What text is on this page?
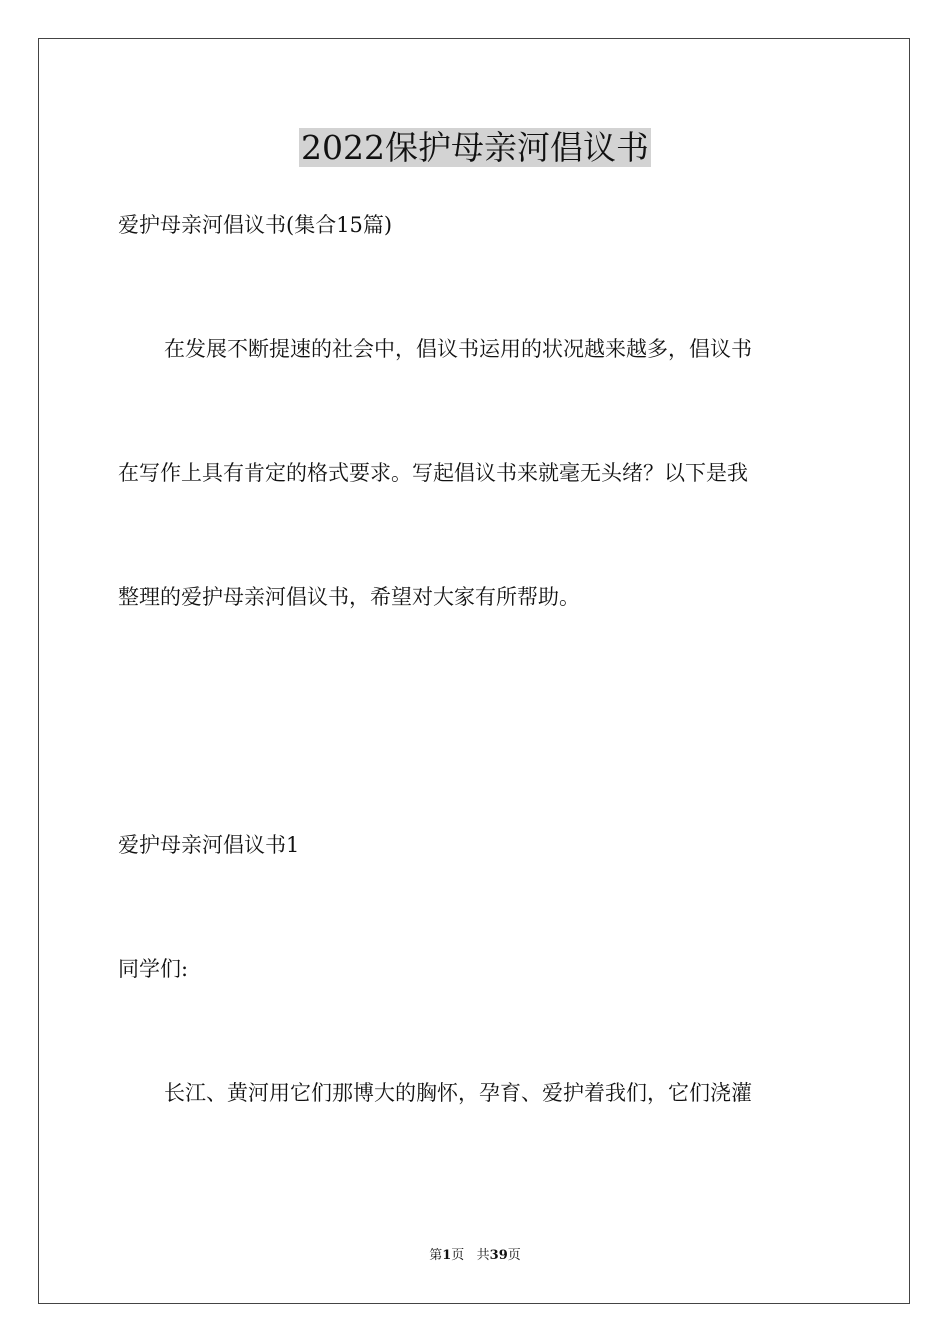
2022保护母亲河倡议书

爱护母亲河倡议书(集合15篇)

在发展不断提速的社会中，倡议书运用的状况越来越多，倡议书

在写作上具有肯定的格式要求。写起倡议书来就毫无头绪？以下是我

整理的爱护母亲河倡议书，希望对大家有所帮助。

爱护母亲河倡议书1

同学们:

长江、黄河用它们那博大的胸怀，孕育、爱护着我们，它们浇灌

第1页   共39页
